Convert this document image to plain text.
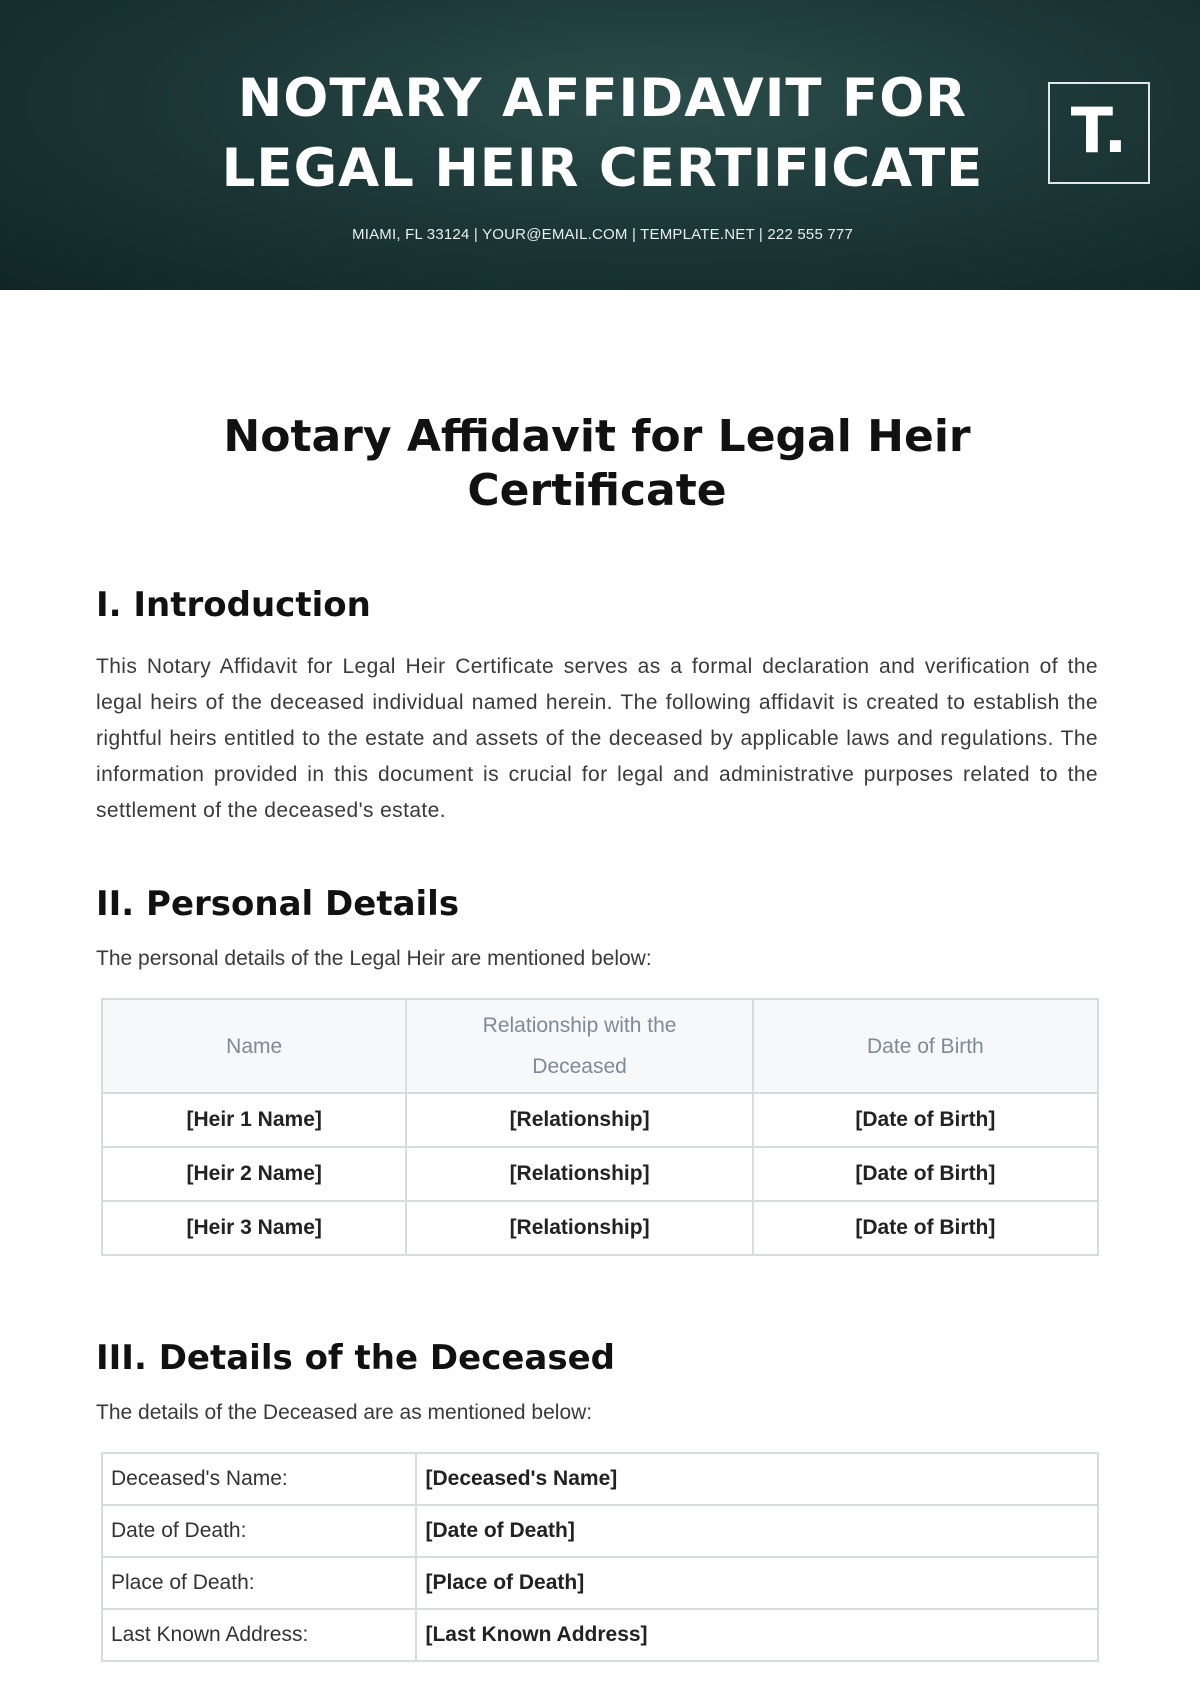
NOTARY AFFIDAVIT FOR
LEGAL HEIR CERTIFICATE
MIAMI, FL 33124 | YOUR@EMAIL.COM | TEMPLATE.NET | 222 555 777
T.
Notary Affidavit for Legal Heir Certificate
I. Introduction

This Notary Affidavit for Legal Heir Certificate serves as a formal declaration and verification of the legal heirs of the deceased individual named herein. The following affidavit is created to establish the rightful heirs entitled to the estate and assets of the deceased by applicable laws and regulations. The information provided in this document is crucial for legal and administrative purposes related to the settlement of the deceased's estate.

II. Personal Details

The personal details of the Legal Heir are mentioned below:

Name	Relationship with the Deceased	Date of Birth
[Heir 1 Name]	[Relationship]	[Date of Birth]
[Heir 2 Name]	[Relationship]	[Date of Birth]
[Heir 3 Name]	[Relationship]	[Date of Birth]
III. Details of the Deceased

The details of the Deceased are as mentioned below:

Deceased's Name:	[Deceased's Name]
Date of Death:	[Date of Death]
Place of Death:	[Place of Death]
Last Known Address:	[Last Known Address]
